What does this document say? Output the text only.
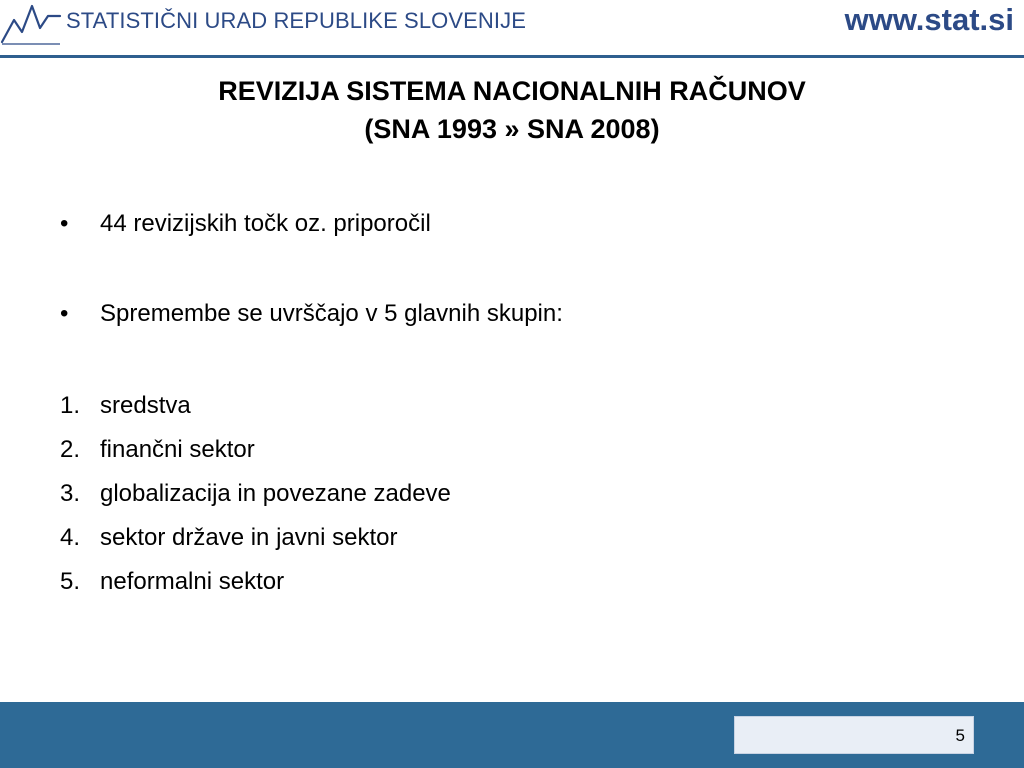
STATISTIČNI URAD REPUBLIKE SLOVENIJE	www.stat.si
REVIZIJA SISTEMA NACIONALNIH RAČUNOV
(SNA 1993 » SNA 2008)
•	44 revizijskih točk oz. priporočil
•	Spremembe se uvrščajo v 5 glavnih skupin:
1. sredstva
2. finančni sektor
3. globalizacija in povezane zadeve
4. sektor države in javni sektor
5. neformalni sektor
5
